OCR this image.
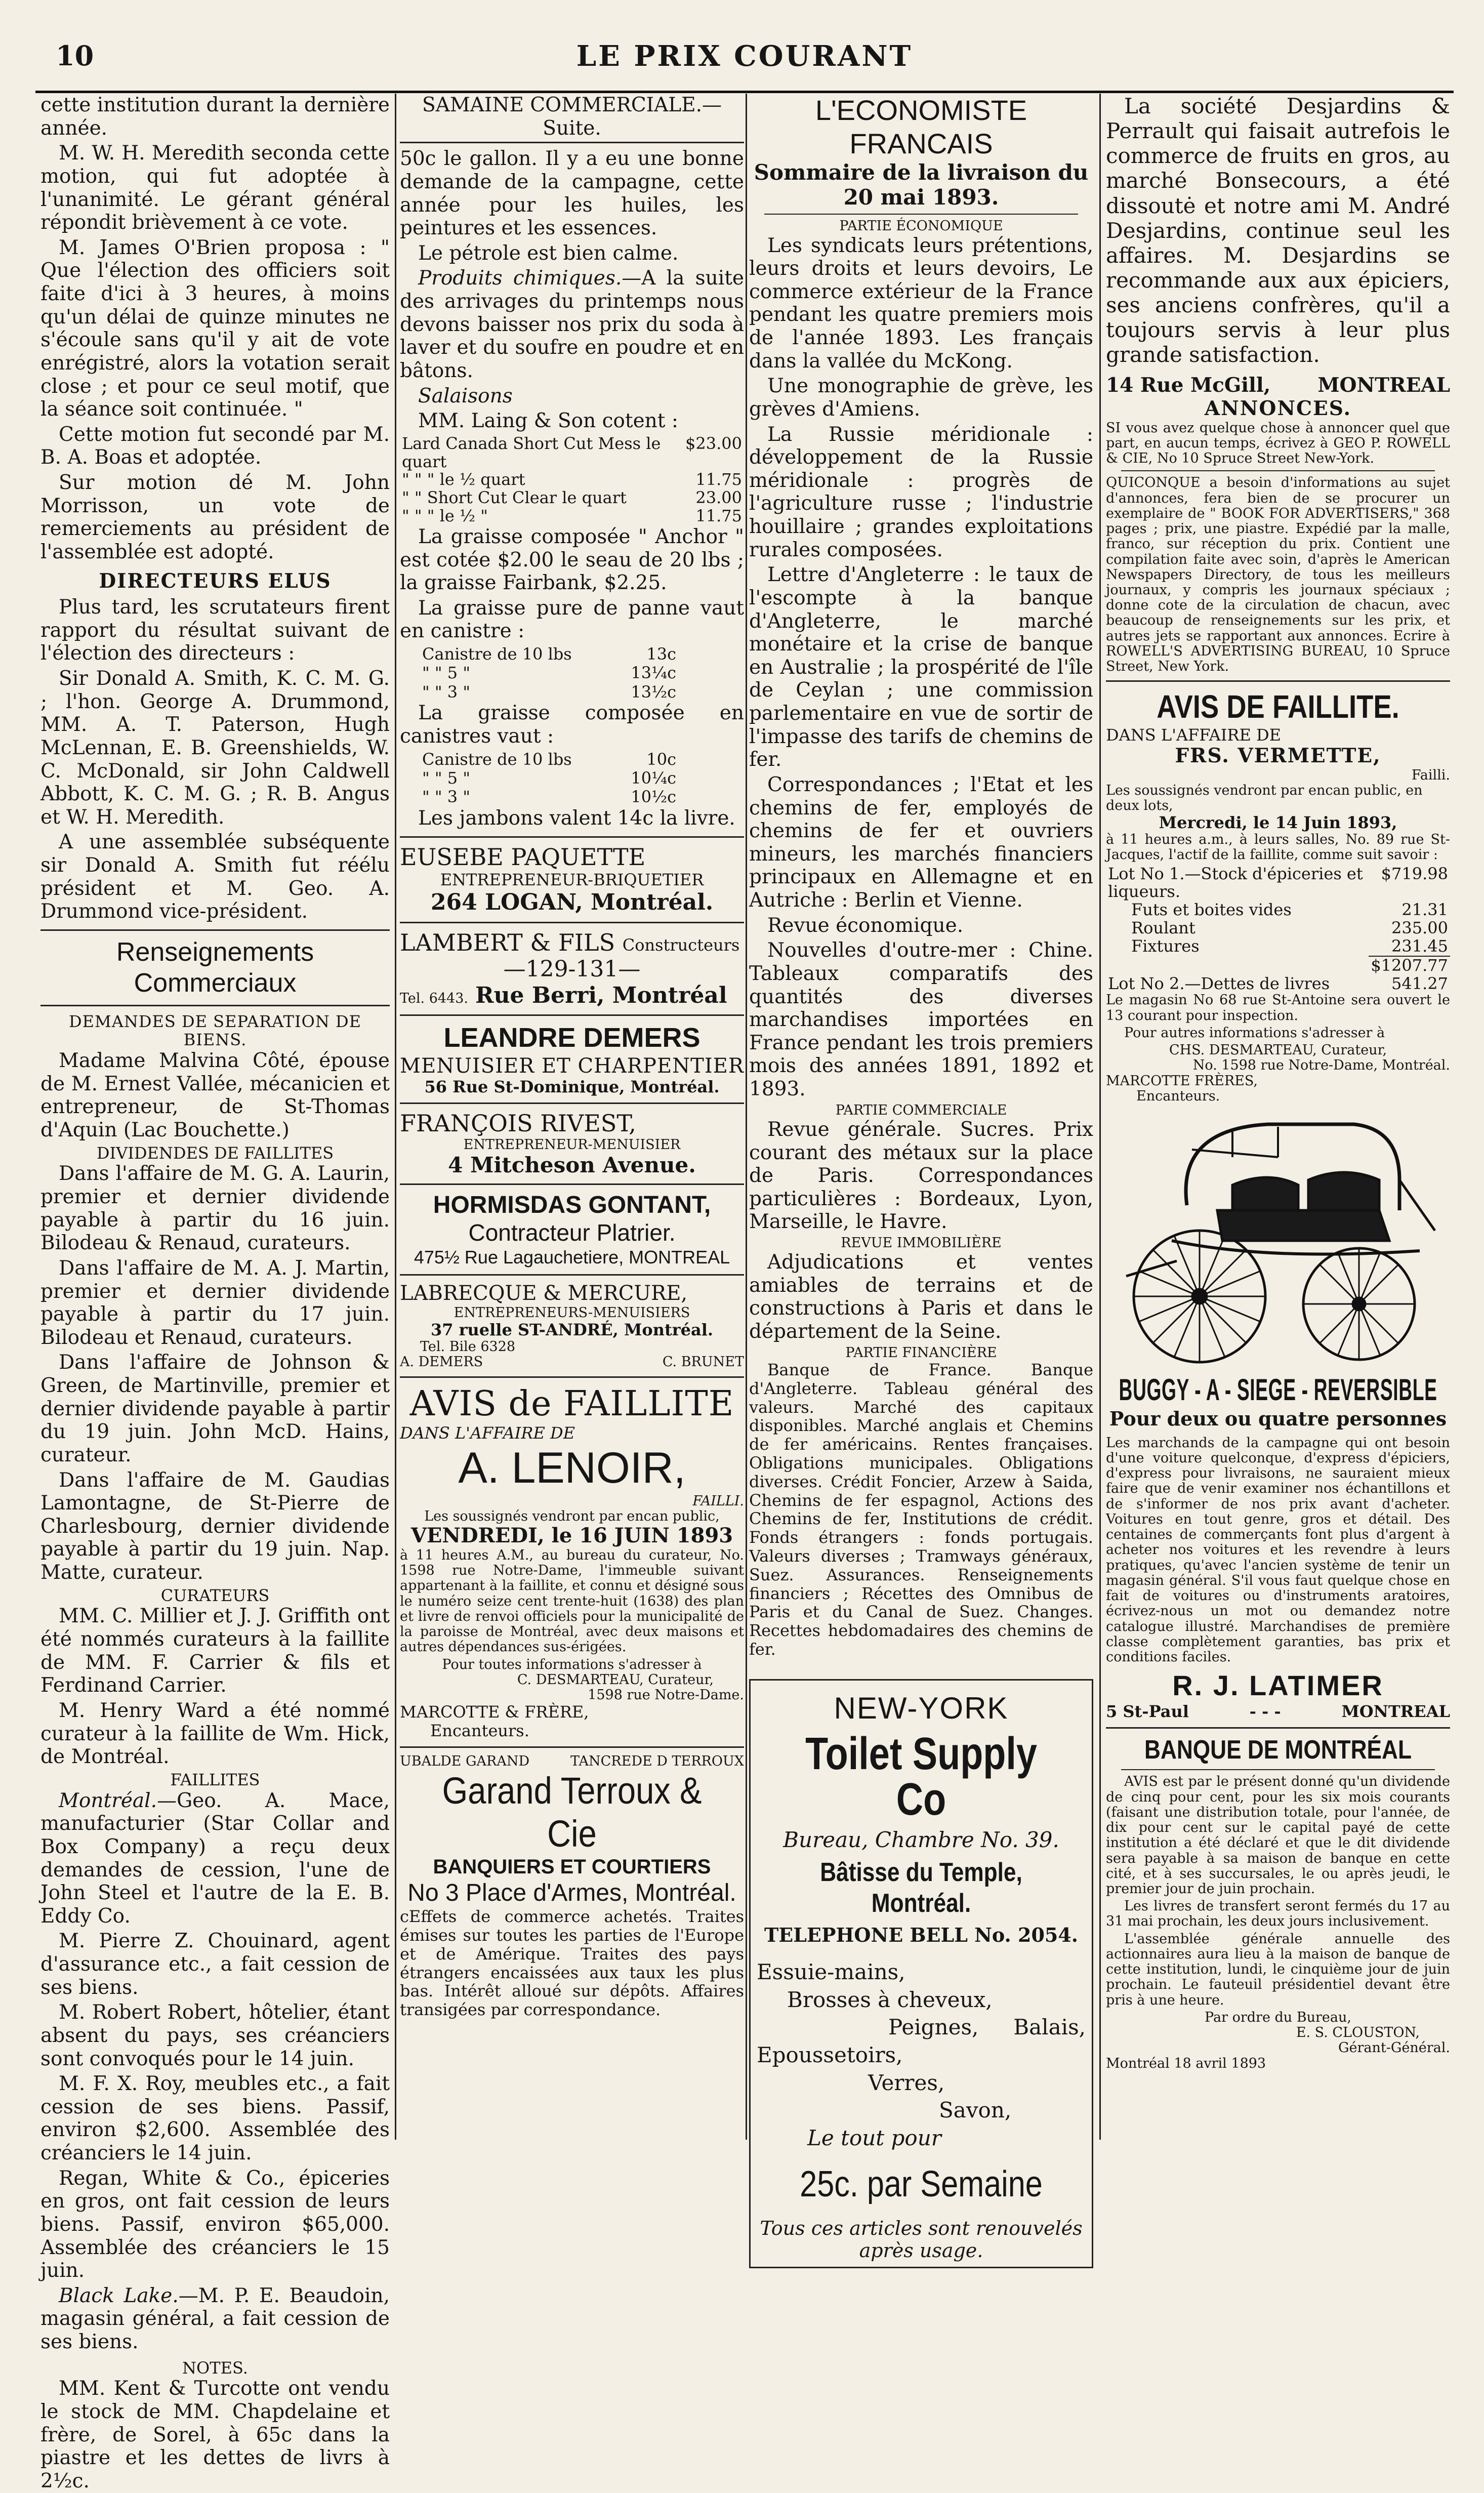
10	LE PRIX COURANT

cette institution durant la dernière année.

M. W. H. Meredith seconda cette motion, qui fut adoptée à l'unanimité. Le gérant général répondit brièvement à ce vote.

M. James O'Brien proposa : " Que l'élection des officiers soit faite d'ici à 3 heures, à moins qu'un délai de quinze minutes ne s'écoule sans qu'il y ait de vote enrégistré, alors la votation serait close ; et pour ce seul motif, que la séance soit continuée. "

Cette motion fut secondé par M. B. A. Boas et adoptée.

Sur motion dé M. John Morrisson, un vote de remerciements au président de l'assemblée est adopté.

DIRECTEURS ELUS

Plus tard, les scrutateurs firent rapport du résultat suivant de l'élection des directeurs :

Sir Donald A. Smith, K. C. M. G. ; l'hon. George A. Drummond, MM. A. T. Paterson, Hugh McLennan, E. B. Greenshields, W. C. McDonald, sir John Caldwell Abbott, K. C. M. G. ; R. B. Angus et W. H. Meredith.

A une assemblée subséquente sir Donald A. Smith fut réélu président et M. Geo. A. Drummond vice-président.

Renseignements Commerciaux
DEMANDES DE SEPARATION DE BIENS.

Madame Malvina Côté, épouse de M. Ernest Vallée, mécanicien et entrepreneur, de St-Thomas d'Aquin (Lac Bouchette.)

DIVIDENDES DE FAILLITES

Dans l'affaire de M. G. A. Laurin, premier et dernier dividende payable à partir du 16 juin. Bilodeau & Renaud, curateurs.

Dans l'affaire de M. A. J. Martin, premier et dernier dividende payable à partir du 17 juin. Bilodeau et Renaud, curateurs.

Dans l'affaire de Johnson & Green, de Martinville, premier et dernier dividende payable à partir du 19 juin. John McD. Hains, curateur.

Dans l'affaire de M. Gaudias Lamontagne, de St-Pierre de Charlesbourg, dernier dividende payable à partir du 19 juin. Nap. Matte, curateur.

CURATEURS

MM. C. Millier et J. J. Griffith ont été nommés curateurs à la faillite de MM. F. Carrier & fils et Ferdinand Carrier.

M. Henry Ward a été nommé curateur à la faillite de Wm. Hick, de Montréal.

FAILLITES

Montréal.—Geo. A. Mace, manufacturier (Star Collar and Box Company) a reçu deux demandes de cession, l'une de John Steel et l'autre de la E. B. Eddy Co.

M. Pierre Z. Chouinard, agent d'assurance etc., a fait cession de ses biens.

M. Robert Robert, hôtelier, étant absent du pays, ses créanciers sont convoqués pour le 14 juin.

M. F. X. Roy, meubles etc., a fait cession de ses biens. Passif, environ $2,600. Assemblée des créanciers le 14 juin.

Regan, White & Co., épiceries en gros, ont fait cession de leurs biens. Passif, environ $65,000. Assemblée des créanciers le 15 juin.

Black Lake.—M. P. E. Beaudoin, magasin général, a fait cession de ses biens.

NOTES.

MM. Kent & Turcotte ont vendu le stock de MM. Chapdelaine et frère, de Sorel, à 65c dans la piastre et les dettes de livrs à 2½c.

SAMAINE COMMERCIALE.—Suite.

50c le gallon. Il y a eu une bonne demande de la campagne, cette année pour les huiles, les peintures et les essences.

Le pétrole est bien calme.

Produits chimiques.—A la suite des arrivages du printemps nous devons baisser nos prix du soda à laver et du soufre en poudre et en bâtons.

Salaisons

MM. Laing & Son cotent :

Lard Canada Short Cut Mess le quart	$23.00
" " " le ½ quart	11.75
" " Short Cut Clear le quart	23.00
" " " le ½ "	11.75

La graisse composée " Anchor " est cotée $2.00 le seau de 20 lbs ; la graisse Fairbank, $2.25.

La graisse pure de panne vaut en canistre :

Canistre de 10 lbs	13c
" " 5 "	13¼c
" " 3 "	13½c

La graisse composée en canistres vaut :

Canistre de 10 lbs	10c
" " 5 "	10¼c
" " 3 "	10½c

Les jambons valent 14c la livre.

EUSEBE PAQUETTE
ENTREPRENEUR-BRIQUETIER
264 LOGAN, Montréal.
LAMBERT & FILS Constructeurs
—129-131—
Tel. 6443. Rue Berri, Montréal
LEANDRE DEMERS
MENUISIER ET CHARPENTIER
56 Rue St-Dominique, Montréal.
FRANÇOIS RIVEST,
ENTREPRENEUR-MENUISIER
4 Mitcheson Avenue.
HORMISDAS GONTANT,
Contracteur Platrier.
475½ Rue Lagauchetiere, MONTREAL
LABRECQUE & MERCURE,
ENTREPRENEURS-MENUISIERS
37 ruelle ST-ANDRÉ, Montréal.
Tel. Bile 6328
A. DEMERS	C. BRUNET
AVIS de FAILLITE
DANS L'AFFAIRE DE
A. LENOIR,
FAILLI.
Les soussignés vendront par encan public,
VENDREDI, le 16 JUIN 1893

à 11 heures A.M., au bureau du curateur, No. 1598 rue Notre-Dame, l'immeuble suivant appartenant à la faillite, et connu et désigné sous le numéro seize cent trente-huit (1638) des plan et livre de renvoi officiels pour la municipalité de la paroisse de Montréal, avec deux maisons et autres dépendances sus-érigées.

Pour toutes informations s'adresser à
C. DESMARTEAU, Curateur,
1598 rue Notre-Dame.
MARCOTTE & FRÈRE,
Encanteurs.
UBALDE GARAND	TANCREDE D TERROUX
Garand Terroux & Cie
BANQUIERS ET COURTIERS
No 3 Place d'Armes, Montréal.

cEffets de commerce achetés. Traites émises sur toutes les parties de l'Europe et de Amérique. Traites des pays étrangers encaissées aux taux les plus bas. Intérêt alloué sur dépôts. Affaires transigées par correspondance.

L'ECONOMISTE FRANCAIS
Sommaire de la livraison du 20 mai 1893.
PARTIE ÉCONOMIQUE

Les syndicats leurs prétentions, leurs droits et leurs devoirs, Le commerce extérieur de la France pendant les quatre premiers mois de l'année 1893. Les français dans la vallée du McKong.

Une monographie de grève, les grèves d'Amiens.

La Russie méridionale : développement de la Russie méridionale : progrès de l'agriculture russe ; l'industrie houillaire ; grandes exploitations rurales composées.

Lettre d'Angleterre : le taux de l'escompte à la banque d'Angleterre, le marché monétaire et la crise de banque en Australie ; la prospérité de l'île de Ceylan ; une commission parlementaire en vue de sortir de l'impasse des tarifs de chemins de fer.

Correspondances ; l'Etat et les chemins de fer, employés de chemins de fer et ouvriers mineurs, les marchés financiers principaux en Allemagne et en Autriche : Berlin et Vienne.

Revue économique.

Nouvelles d'outre-mer : Chine. Tableaux comparatifs des quantités des diverses marchandises importées en France pendant les trois premiers mois des années 1891, 1892 et 1893.

PARTIE COMMERCIALE

Revue générale. Sucres. Prix courant des métaux sur la place de Paris. Correspondances particulières : Bordeaux, Lyon, Marseille, le Havre.

REVUE IMMOBILIÈRE

Adjudications et ventes amiables de terrains et de constructions à Paris et dans le département de la Seine.

PARTIE FINANCIÈRE

Banque de France. Banque d'Angleterre. Tableau général des valeurs. Marché des capitaux disponibles. Marché anglais et Chemins de fer américains. Rentes françaises. Obligations municipales. Obligations diverses. Crédit Foncier, Arzew à Saida, Chemins de fer espagnol, Actions des Chemins de fer, Institutions de crédit. Fonds étrangers : fonds portugais. Valeurs diverses ; Tramways généraux, Suez. Assurances. Renseignements financiers ; Récettes des Omnibus de Paris et du Canal de Suez. Changes. Recettes hebdomadaires des chemins de fer.

NEW-YORK
Toilet Supply Co
Bureau, Chambre No. 39.
Bâtisse du Temple, Montréal.
TELEPHONE BELL No. 2054.
Essuie-mains,
Brosses à cheveux,
Peignes, Balais,
Epoussetoirs,
Verres,
Savon,
Le tout pour
25c. par Semaine
Tous ces articles sont renouvelés
après usage.

La société Desjardins & Perrault qui faisait autrefois le commerce de fruits en gros, au marché Bonsecours, a été dissoutė et notre ami M. André Desjardins, continue seul les affaires. M. Desjardins se recommande aux aux épiciers, ses anciens confrères, qu'il a toujours servis à leur plus grande satisfaction.

14 Rue McGill, MONTREAL
ANNONCES.

SI vous avez quelque chose à annoncer quel que part, en aucun temps, écrivez à GEO P. ROWELL & CIE, No 10 Spruce Street New-York.

QUICONQUE a besoin d'informations au sujet d'annonces, fera bien de se procurer un exemplaire de " BOOK FOR ADVERTISERS," 368 pages ; prix, une piastre. Expédié par la malle, franco, sur réception du prix. Contient une compilation faite avec soin, d'après le American Newspapers Directory, de tous les meilleurs journaux, y compris les journaux spéciaux ; donne cote de la circulation de chacun, avec beaucoup de renseignements sur les prix, et autres jets se rapportant aux annonces. Ecrire à ROWELL'S ADVERTISING BUREAU, 10 Spruce Street, New York.

AVIS DE FAILLITE.
DANS L'AFFAIRE DE
FRS. VERMETTE,
Failli.
Les soussignés vendront par encan public, en deux lots,
Mercredi, le 14 Juin 1893,

à 11 heures a.m., à leurs salles, No. 89 rue St-Jacques, l'actif de la faillite, comme suit savoir :

Lot No 1.—Stock d'épiceries et liqueurs.	$719.98
Futs et boites vides	21.31
Roulant	235.00
Fixtures	231.45
	$1207.77
Lot No 2.—Dettes de livres	541.27

Le magasin No 68 rue St-Antoine sera ouvert le 13 courant pour inspection.

Pour autres informations s'adresser à

CHS. DESMARTEAU, Curateur,
No. 1598 rue Notre-Dame, Montréal.
MARCOTTE FRÈRES,
Encanteurs.
BUGGY - A - SIEGE - REVERSIBLE
Pour deux ou quatre personnes

Les marchands de la campagne qui ont besoin d'une voiture quelconque, d'express d'épiciers, d'express pour livraisons, ne sauraient mieux faire que de venir examiner nos échantillons et de s'informer de nos prix avant d'acheter. Voitures en tout genre, gros et détail. Des centaines de commerçants font plus d'argent à acheter nos voitures et les revendre à leurs pratiques, qu'avec l'ancien système de tenir un magasin général. S'il vous faut quelque chose en fait de voitures ou d'instruments aratoires, écrivez-nous un mot ou demandez notre catalogue illustré. Marchandises de première classe complètement garanties, bas prix et conditions faciles.

R. J. LATIMER
5 St-Paul	- - -	MONTREAL
BANQUE DE MONTRÉAL

AVIS est par le présent donné qu'un dividende de cinq pour cent, pour les six mois courants (faisant une distribution totale, pour l'année, de dix pour cent sur le capital payé de cette institution a été déclaré et que le dit dividende sera payable à sa maison de banque en cette cité, et à ses succursales, le ou après jeudi, le premier jour de juin prochain.

Les livres de transfert seront fermés du 17 au 31 mai prochain, les deux jours inclusivement.

L'assemblée générale annuelle des actionnaires aura lieu à la maison de banque de cette institution, lundi, le cinquième jour de juin prochain. Le fauteuil présidentiel devant être pris à une heure.

Par ordre du Bureau,
E. S. CLOUSTON,
Gérant-Général.
Montréal 18 avril 1893
